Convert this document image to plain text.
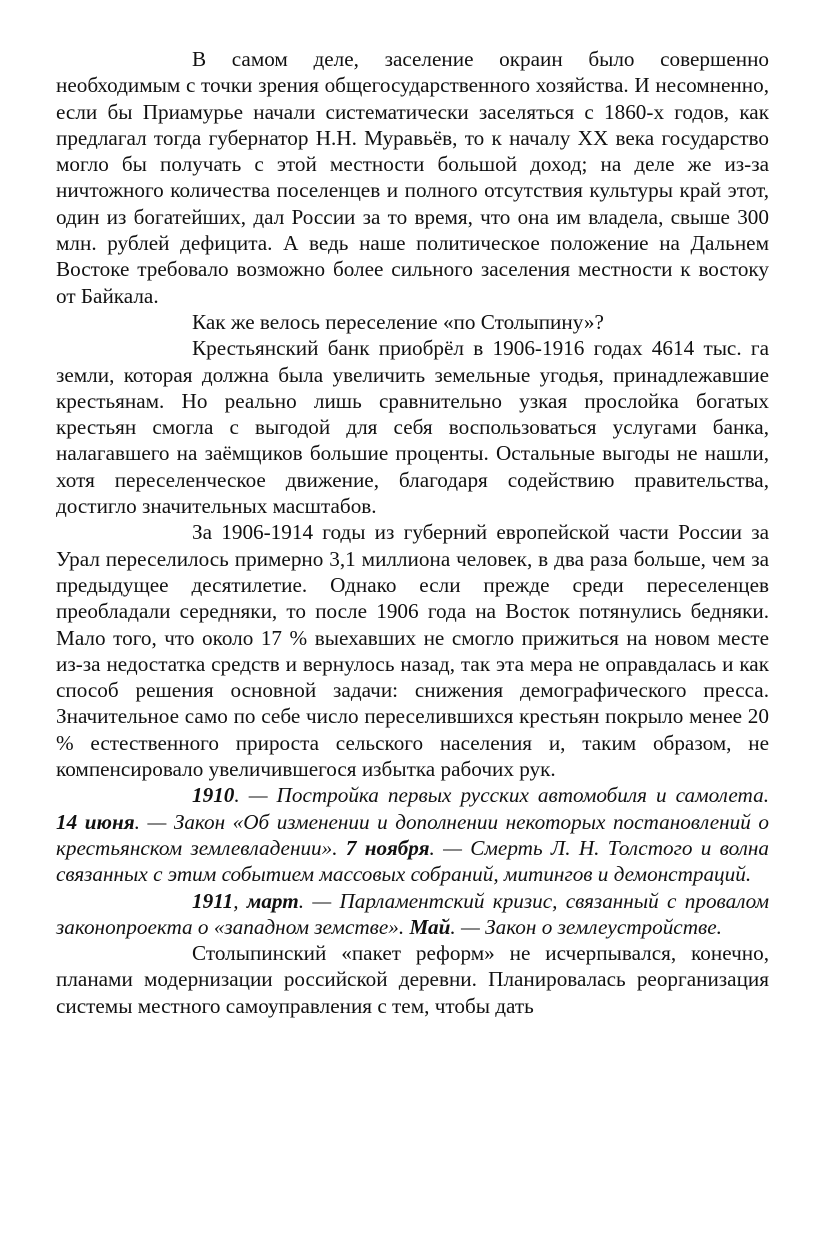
В самом деле, заселение окраин было совершенно необходимым с точки зрения общегосударственного хозяйства. И несомненно, если бы Приамурье начали систематически заселяться с 1860-х годов, как предлагал тогда губернатор Н.Н. Муравьёв, то к началу XX века государство могло бы получать с этой местности большой доход; на деле же из-за ничтожного количества поселенцев и полного отсутствия культуры край этот, один из богатейших, дал России за то время, что она им владела, свыше 300 млн. рублей дефицита. А ведь наше политическое положение на Дальнем Востоке требовало возможно более сильного заселения местности к востоку от Байкала.

Как же велось переселение «по Столыпину»?

Крестьянский банк приобрёл в 1906-1916 годах 4614 тыс. га земли, которая должна была увеличить земельные угодья, принадлежавшие крестьянам. Но реально лишь сравнительно узкая прослойка богатых крестьян смогла с выгодой для себя воспользоваться услугами банка, налагавшего на заёмщиков большие проценты. Остальные выгоды не нашли, хотя переселенческое движение, благодаря содействию правительства, достигло значительных масштабов.

За 1906-1914 годы из губерний европейской части России за Урал переселилось примерно 3,1 миллиона человек, в два раза больше, чем за предыдущее десятилетие. Однако если прежде среди переселенцев преобладали середняки, то после 1906 года на Восток потянулись бедняки. Мало того, что около 17 % выехавших не смогло прижиться на новом месте из-за недостатка средств и вернулось назад, так эта мера не оправдалась и как способ решения основной задачи: снижения демографического пресса. Значительное само по себе число переселившихся крестьян покрыло менее 20 % естественного прироста сельского населения и, таким образом, не компенсировало увеличившегося избытка рабочих рук.

1910. — Постройка первых русских автомобиля и самолета. 14 июня. — Закон «Об изменении и дополнении некоторых постановлений о крестьянском землевладении». 7 ноября. — Смерть Л. Н. Толстого и волна связанных с этим событием массовых собраний, митингов и демонстраций.

1911, март. — Парламентский кризис, связанный с провалом законопроекта о «западном земстве». Май. — Закон о землеустройстве.

Столыпинский «пакет реформ» не исчерпывался, конечно, планами модернизации российской деревни. Планировалась реорганизация системы местного самоуправления с тем, чтобы дать
